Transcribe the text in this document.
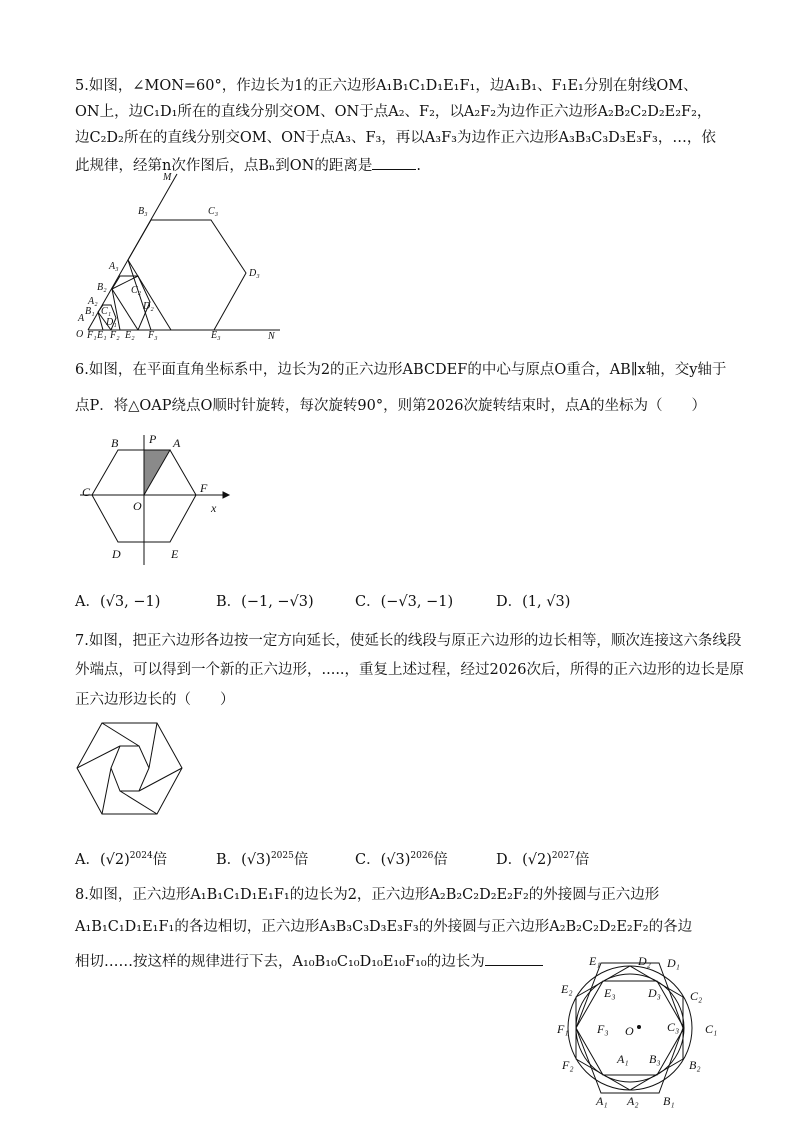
5.如图，∠MON=60°，作边长为1的正六边形A₁B₁C₁D₁E₁F₁，边A₁B₁、F₁E₁分别在射线OM、
ON上，边C₁D₁所在的直线分别交OM、ON于点A₂、F₂，以A₂F₂为边作正六边形A₂B₂C₂D₂E₂F₂，
边C₂D₂所在的直线分别交OM、ON于点A₃、F₃，再以A₃F₃为边作正六边形A₃B₃C₃D₃E₃F₃，…，依
此规律，经第n次作图后，点Bₙ到ON的距离是	.
M
B₃	C₃
D₃
A₃
B₂ C₂
A₂	D₂
B₁ C₁
A D₁
O F₁ E₁ F₂ E₂ F₃	E₃	N
6.如图，在平面直角坐标系中，边长为2的正六边形ABCDEF的中心与原点O重合，AB∥x轴，交y轴于
点P．将△OAP绕点O顺时针旋转，每次旋转90°，则第2026次旋转结束时，点A的坐标为（　　）
B	P A
C	F
O	x
D	E
A．(√3, −1)	B．(−1, −√3)	C．(−√3, −1)	D．(1, √3)
7.如图，把正六边形各边按一定方向延长，使延长的线段与原正六边形的边长相等，顺次连接这六条线段
外端点，可以得到一个新的正六边形，.....，重复上述过程，经过2026次后，所得的正六边形的边长是原
正六边形边长的（　　）
A．$(√2)^{2024}$倍	B．$(√3)^{2025}$倍	C．$(√3)^{2026}$倍	D．$(√2)^{2027}$倍
8.如图，正六边形A₁B₁C₁D₁E₁F₁的边长为2，正六边形A₂B₂C₂D₂E₂F₂的外接圆与正六边形
A₁B₁C₁D₁E₁F₁的各边相切，正六边形A₃B₃C₃D₃E₃F₃的外接圆与正六边形A₂B₂C₂D₂E₂F₂的各边
相切……按这样的规律进行下去，A₁₀B₁₀C₁₀D₁₀E₁₀F₁₀的边长为	E₁	D₂ D₁
E₂	E₃	D₃ C₂
F₁ F₃ O	C₃ C₁
F₂	A₁ B₃ B₂
A₁ A₂ B₁
